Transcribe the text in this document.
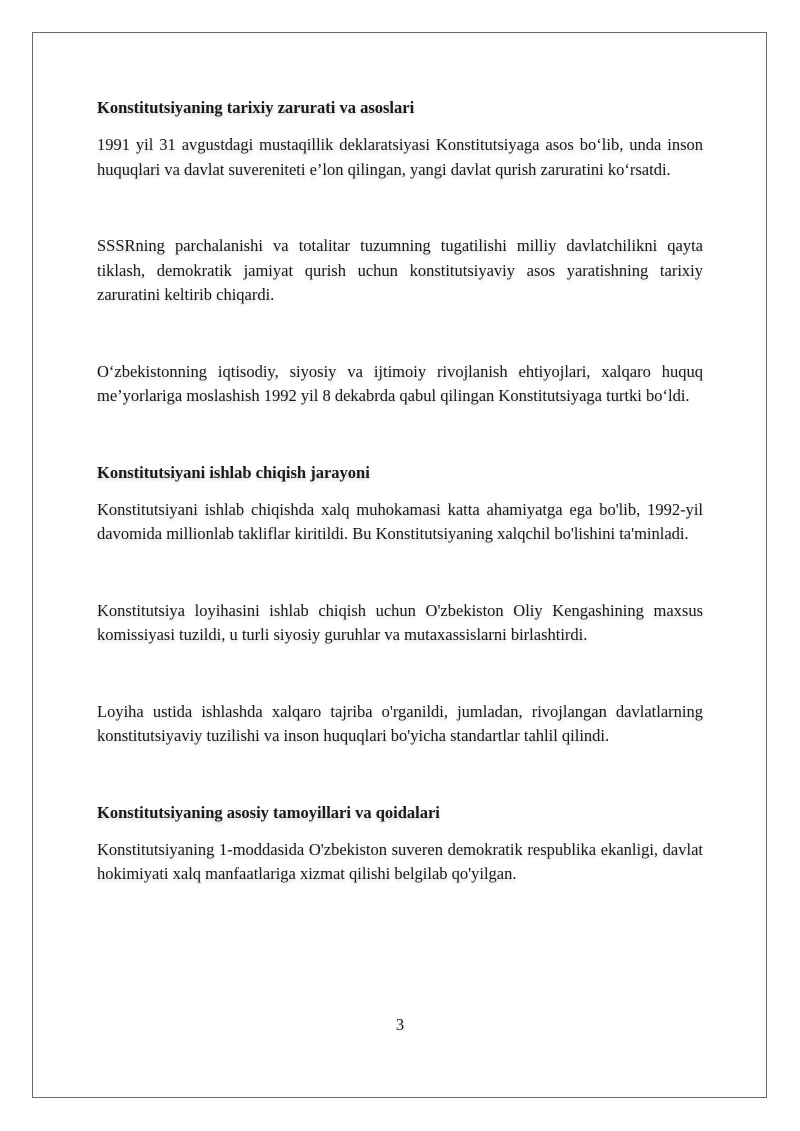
Konstitutsiyaning tarixiy zarurati va asoslari

1991 yil 31 avgustdagi mustaqillik deklaratsiyasi Konstitutsiyaga asos bo‘lib, unda inson huquqlari va davlat suvereniteti e’lon qilingan, yangi davlat qurish zaruratini ko‘rsatdi.

SSSRning parchalanishi va totalitar tuzumning tugatilishi milliy davlatchilikni qayta tiklash, demokratik jamiyat qurish uchun konstitutsiyaviy asos yaratishning tarixiy zaruratini keltirib chiqardi.

O‘zbekistonning iqtisodiy, siyosiy va ijtimoiy rivojlanish ehtiyojlari, xalqaro huquq me’yorlariga moslashish 1992 yil 8 dekabrda qabul qilingan Konstitutsiyaga turtki bo‘ldi.

Konstitutsiyani ishlab chiqish jarayoni

Konstitutsiyani ishlab chiqishda xalq muhokamasi katta ahamiyatga ega bo'lib, 1992-yil davomida millionlab takliflar kiritildi. Bu Konstitutsiyaning xalqchil bo'lishini ta'minladi.

Konstitutsiya loyihasini ishlab chiqish uchun O'zbekiston Oliy Kengashining maxsus komissiyasi tuzildi, u turli siyosiy guruhlar va mutaxassislarni birlashtirdi.

Loyiha ustida ishlashda xalqaro tajriba o'rganildi, jumladan, rivojlangan davlatlarning konstitutsiyaviy tuzilishi va inson huquqlari bo'yicha standartlar tahlil qilindi.

Konstitutsiyaning asosiy tamoyillari va qoidalari

Konstitutsiyaning 1-moddasida O'zbekiston suveren demokratik respublika ekanligi, davlat hokimiyati xalq manfaatlariga xizmat qilishi belgilab qo'yilgan.

3
